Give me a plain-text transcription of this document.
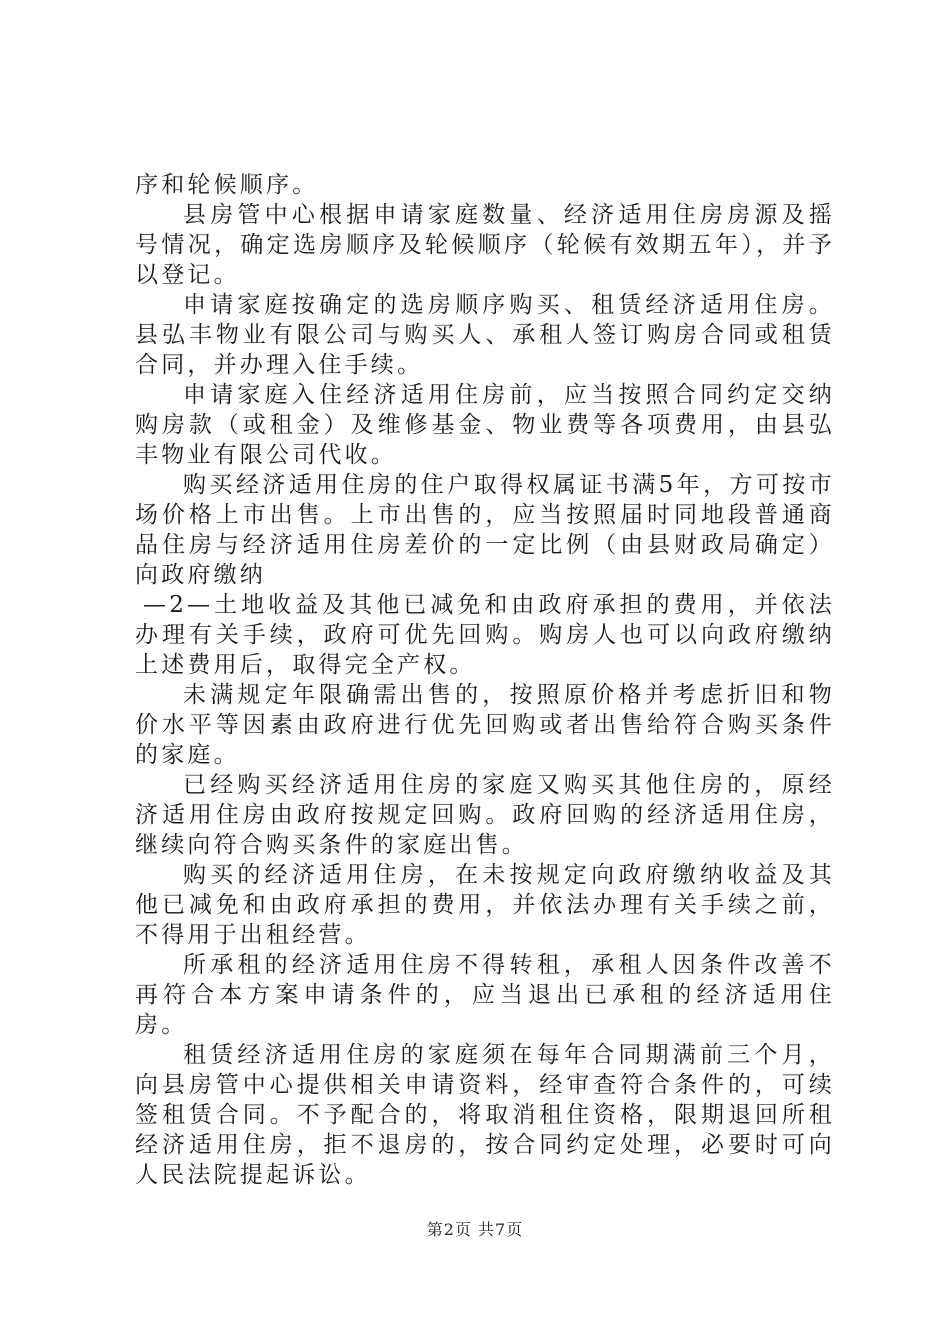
序和轮候顺序。

县房管中心根据申请家庭数量、经济适用住房房源及摇号情况，确定选房顺序及轮候顺序（轮候有效期五年），并予以登记。

申请家庭按确定的选房顺序购买、租赁经济适用住房。县弘丰物业有限公司与购买人、承租人签订购房合同或租赁合同，并办理入住手续。

申请家庭入住经济适用住房前，应当按照合同约定交纳购房款（或租金）及维修基金、物业费等各项费用，由县弘丰物业有限公司代收。

购买经济适用住房的住户取得权属证书满5年，方可按市场价格上市出售。上市出售的，应当按照届时同地段普通商品住房与经济适用住房差价的一定比例（由县财政局确定）向政府缴纳

—2—土地收益及其他已减免和由政府承担的费用，并依法办理有关手续，政府可优先回购。购房人也可以向政府缴纳上述费用后，取得完全产权。

未满规定年限确需出售的，按照原价格并考虑折旧和物价水平等因素由政府进行优先回购或者出售给符合购买条件的家庭。

已经购买经济适用住房的家庭又购买其他住房的，原经济适用住房由政府按规定回购。政府回购的经济适用住房，继续向符合购买条件的家庭出售。

购买的经济适用住房，在未按规定向政府缴纳收益及其他已减免和由政府承担的费用，并依法办理有关手续之前，不得用于出租经营。

所承租的经济适用住房不得转租，承租人因条件改善不再符合本方案申请条件的，应当退出已承租的经济适用住房。

租赁经济适用住房的家庭须在每年合同期满前三个月，向县房管中心提供相关申请资料，经审查符合条件的，可续签租赁合同。不予配合的，将取消租住资格，限期退回所租经济适用住房，拒不退房的，按合同约定处理，必要时可向人民法院提起诉讼。

第2页 共7页
